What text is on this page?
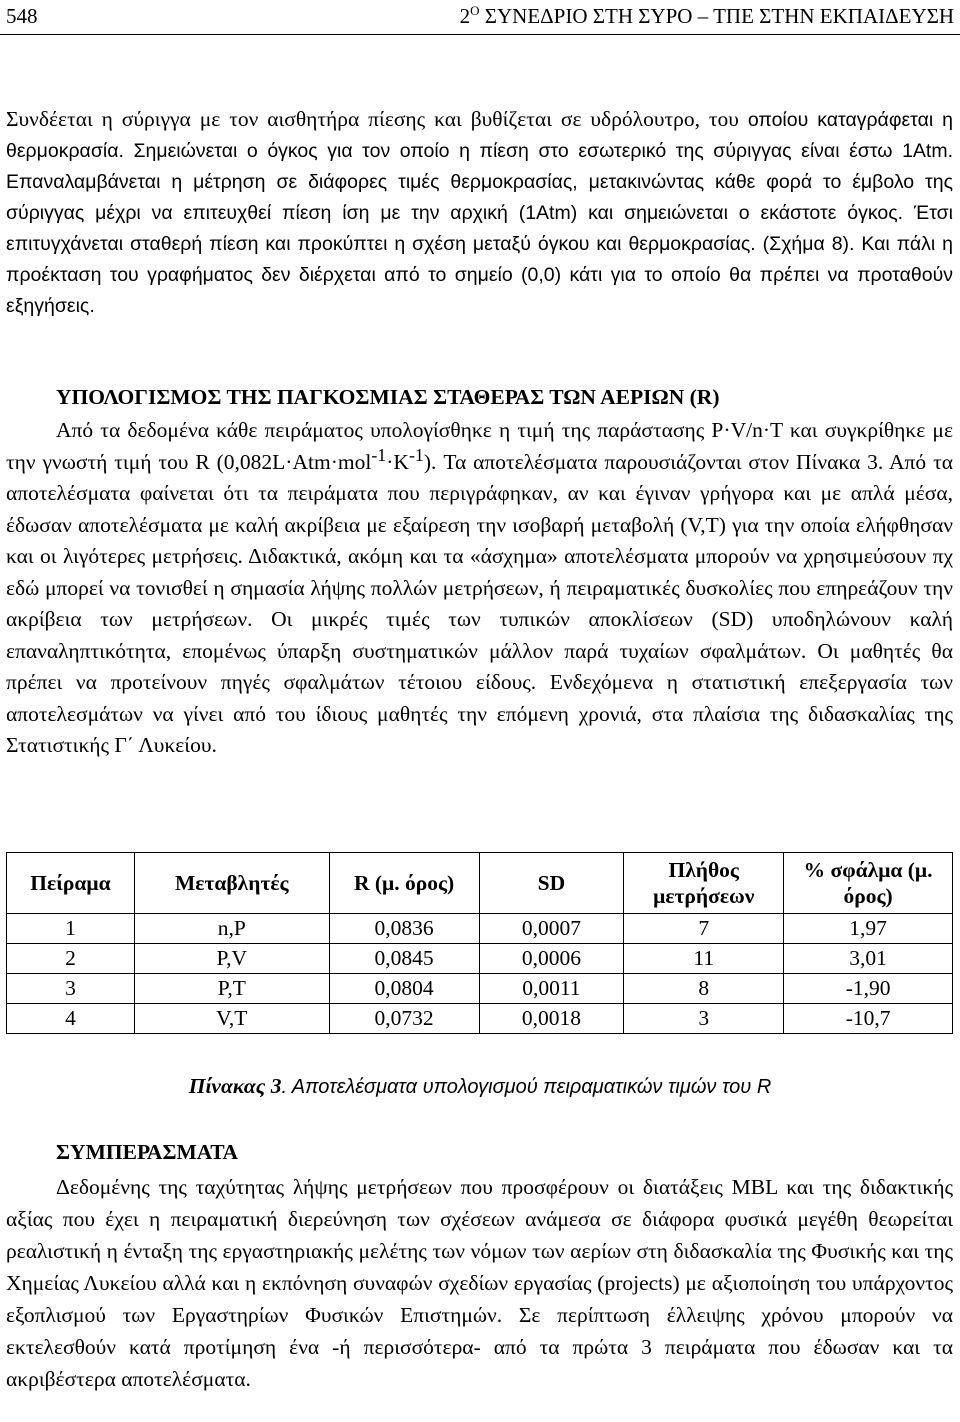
548	$2^O$ ΣΥΝΕΔΡΙΟ ΣΤΗ ΣΥΡΟ – ΤΠΕ ΣΤΗΝ ΕΚΠΑΙΔΕΥΣΗ

Συνδέεται η σύριγγα με τον αισθητήρα πίεσης και βυθίζεται σε υδρόλουτρο, του οποίου καταγράφεται η θερμοκρασία. Σημειώνεται ο όγκος για τον οποίο η πίεση στο εσωτερικό της σύριγγας είναι έστω 1Atm. Επαναλαμβάνεται η μέτρηση σε διάφορες τιμές θερμοκρασίας, μετακινώντας κάθε φορά το έμβολο της σύριγγας μέχρι να επιτευχθεί πίεση ίση με την αρχική (1Atm) και σημειώνεται ο εκάστοτε όγκος. Έτσι επιτυγχάνεται σταθερή πίεση και προκύπτει η σχέση μεταξύ όγκου και θερμοκρασίας. (Σχήμα 8). Και πάλι η προέκταση του γραφήματος δεν διέρχεται από το σημείο (0,0) κάτι για το οποίο θα πρέπει να προταθούν εξηγήσεις.

ΥΠΟΛΟΓΙΣΜΟΣ ΤΗΣ ΠΑΓΚΟΣΜΙΑΣ ΣΤΑΘΕΡΑΣ ΤΩΝ ΑΕΡΙΩΝ (R)

Από τα δεδομένα κάθε πειράματος υπολογίσθηκε η τιμή της παράστασης P·V/n·T και συγκρίθηκε με την γνωστή τιμή του R $(0,082L\cdot Atm\cdot mol^{-1}\cdot K^{-1})$. Τα αποτελέσματα παρουσιάζονται στον Πίνακα 3. Από τα αποτελέσματα φαίνεται ότι τα πειράματα που περιγράφηκαν, αν και έγιναν γρήγορα και με απλά μέσα, έδωσαν αποτελέσματα με καλή ακρίβεια με εξαίρεση την ισοβαρή μεταβολή (V,T) για την οποία ελήφθησαν και οι λιγότερες μετρήσεις. Διδακτικά, ακόμη και τα «άσχημα» αποτελέσματα μπορούν να χρησιμεύσουν πχ εδώ μπορεί να τονισθεί η σημασία λήψης πολλών μετρήσεων, ή πειραματικές δυσκολίες που επηρεάζουν την ακρίβεια των μετρήσεων. Οι μικρές τιμές των τυπικών αποκλίσεων (SD) υποδηλώνουν καλή επαναληπτικότητα, επομένως ύπαρξη συστηματικών μάλλον παρά τυχαίων σφαλμάτων. Οι μαθητές θα πρέπει να προτείνουν πηγές σφαλμάτων τέτοιου είδους. Ενδεχόμενα η στατιστική επεξεργασία των αποτελεσμάτων να γίνει από του ίδιους μαθητές την επόμενη χρονιά, στα πλαίσια της διδασκαλίας της Στατιστικής Γ΄ Λυκείου.

Πείραμα	Μεταβλητές	R (μ. όρος)	SD	Πλήθος μετρήσεων	% σφάλμα (μ. όρος)
1	n,P	0,0836	0,0007	7	1,97
2	P,V	0,0845	0,0006	11	3,01
3	P,T	0,0804	0,0011	8	-1,90
4	V,T	0,0732	0,0018	3	-10,7

Πίνακας 3. Αποτελέσματα υπολογισμού πειραματικών τιμών του R

ΣΥΜΠΕΡΑΣΜΑΤΑ

Δεδομένης της ταχύτητας λήψης μετρήσεων που προσφέρουν οι διατάξεις MBL και της διδακτικής αξίας που έχει η πειραματική διερεύνηση των σχέσεων ανάμεσα σε διάφορα φυσικά μεγέθη θεωρείται ρεαλιστική η ένταξη της εργαστηριακής μελέτης των νόμων των αερίων στη διδασκαλία της Φυσικής και της Χημείας Λυκείου αλλά και η εκπόνηση συναφών σχεδίων εργασίας (projects) με αξιοποίηση του υπάρχοντος εξοπλισμού των Εργαστηρίων Φυσικών Επιστημών. Σε περίπτωση έλλειψης χρόνου μπορούν να εκτελεσθούν κατά προτίμηση ένα -ή περισσότερα- από τα πρώτα 3 πειράματα που έδωσαν και τα ακριβέστερα αποτελέσματα.
